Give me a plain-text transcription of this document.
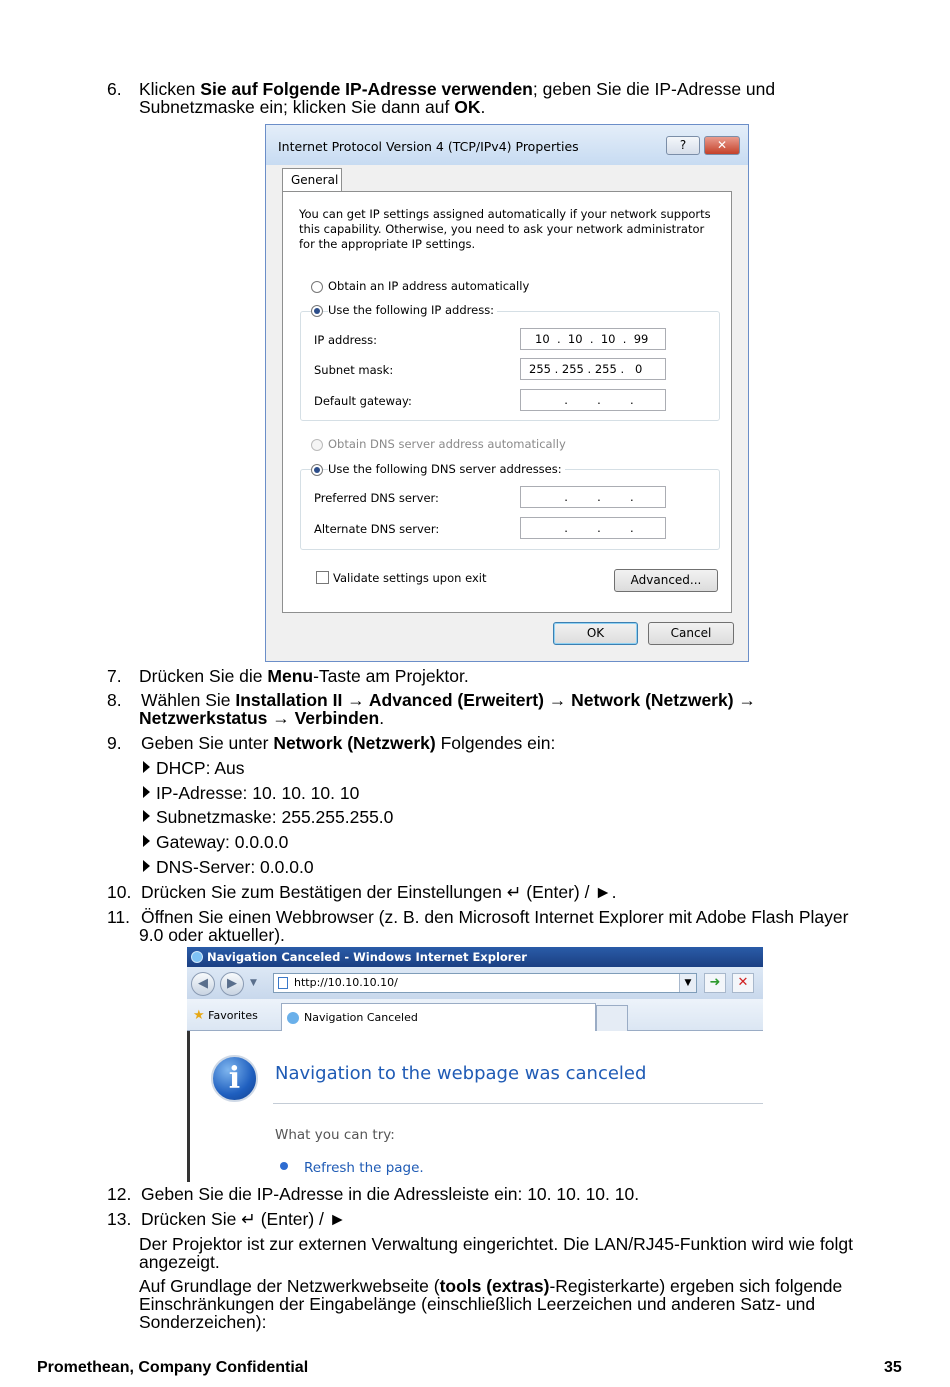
6. Klicken Sie auf Folgende IP-Adresse verwenden; geben Sie die IP-Adresse und
Subnetzmaske ein; klicken Sie dann auf OK.
Internet Protocol Version 4 (TCP/IPv4) Properties	?	✕
General
You can get IP settings assigned automatically if your network supports
this capability. Otherwise, you need to ask your network administrator
for the appropriate IP settings.
Obtain an IP address automatically
Use the following IP address:
IP address:	10  .  10  .  10  .  99
Subnet mask:	255 . 255 . 255 .   0
Default gateway:	.        .        .
Obtain DNS server address automatically
Use the following DNS server addresses:
Preferred DNS server:	.        .        .
Alternate DNS server:	.        .        .
Validate settings upon exit	Advanced...
OK	Cancel
7. Drücken Sie die Menu-Taste am Projektor.
8. Wählen Sie Installation II → Advanced (Erweitert) → Network (Netzwerk) →
Netzwerkstatus → Verbinden.
9. Geben Sie unter Network (Netzwerk) Folgendes ein:
DHCP: Aus
IP-Adresse: 10. 10. 10. 10
Subnetzmaske: 255.255.255.0
Gateway: 0.0.0.0
DNS-Server: 0.0.0.0
10. Drücken Sie zum Bestätigen der Einstellungen ↵ (Enter) / ►.
11. Öffnen Sie einen Webbrowser (z. B. den Microsoft Internet Explorer mit Adobe Flash Player
9.0 oder aktueller).
Navigation Canceled - Windows Internet Explorer
◀	▶	▼	http://10.10.10.10/	▼	➜	✕
★ Favorites	Navigation Canceled
i	Navigation to the webpage was canceled
What you can try:
Refresh the page.
12. Geben Sie die IP-Adresse in die Adressleiste ein: 10. 10. 10. 10.
13. Drücken Sie ↵ (Enter) / ►
Der Projektor ist zur externen Verwaltung eingerichtet. Die LAN/RJ45-Funktion wird wie folgt
angezeigt.
Auf Grundlage der Netzwerkwebseite (tools (extras)-Registerkarte) ergeben sich folgende
Einschränkungen der Eingabelänge (einschließlich Leerzeichen und anderen Satz- und
Sonderzeichen):
Promethean, Company Confidential	35
